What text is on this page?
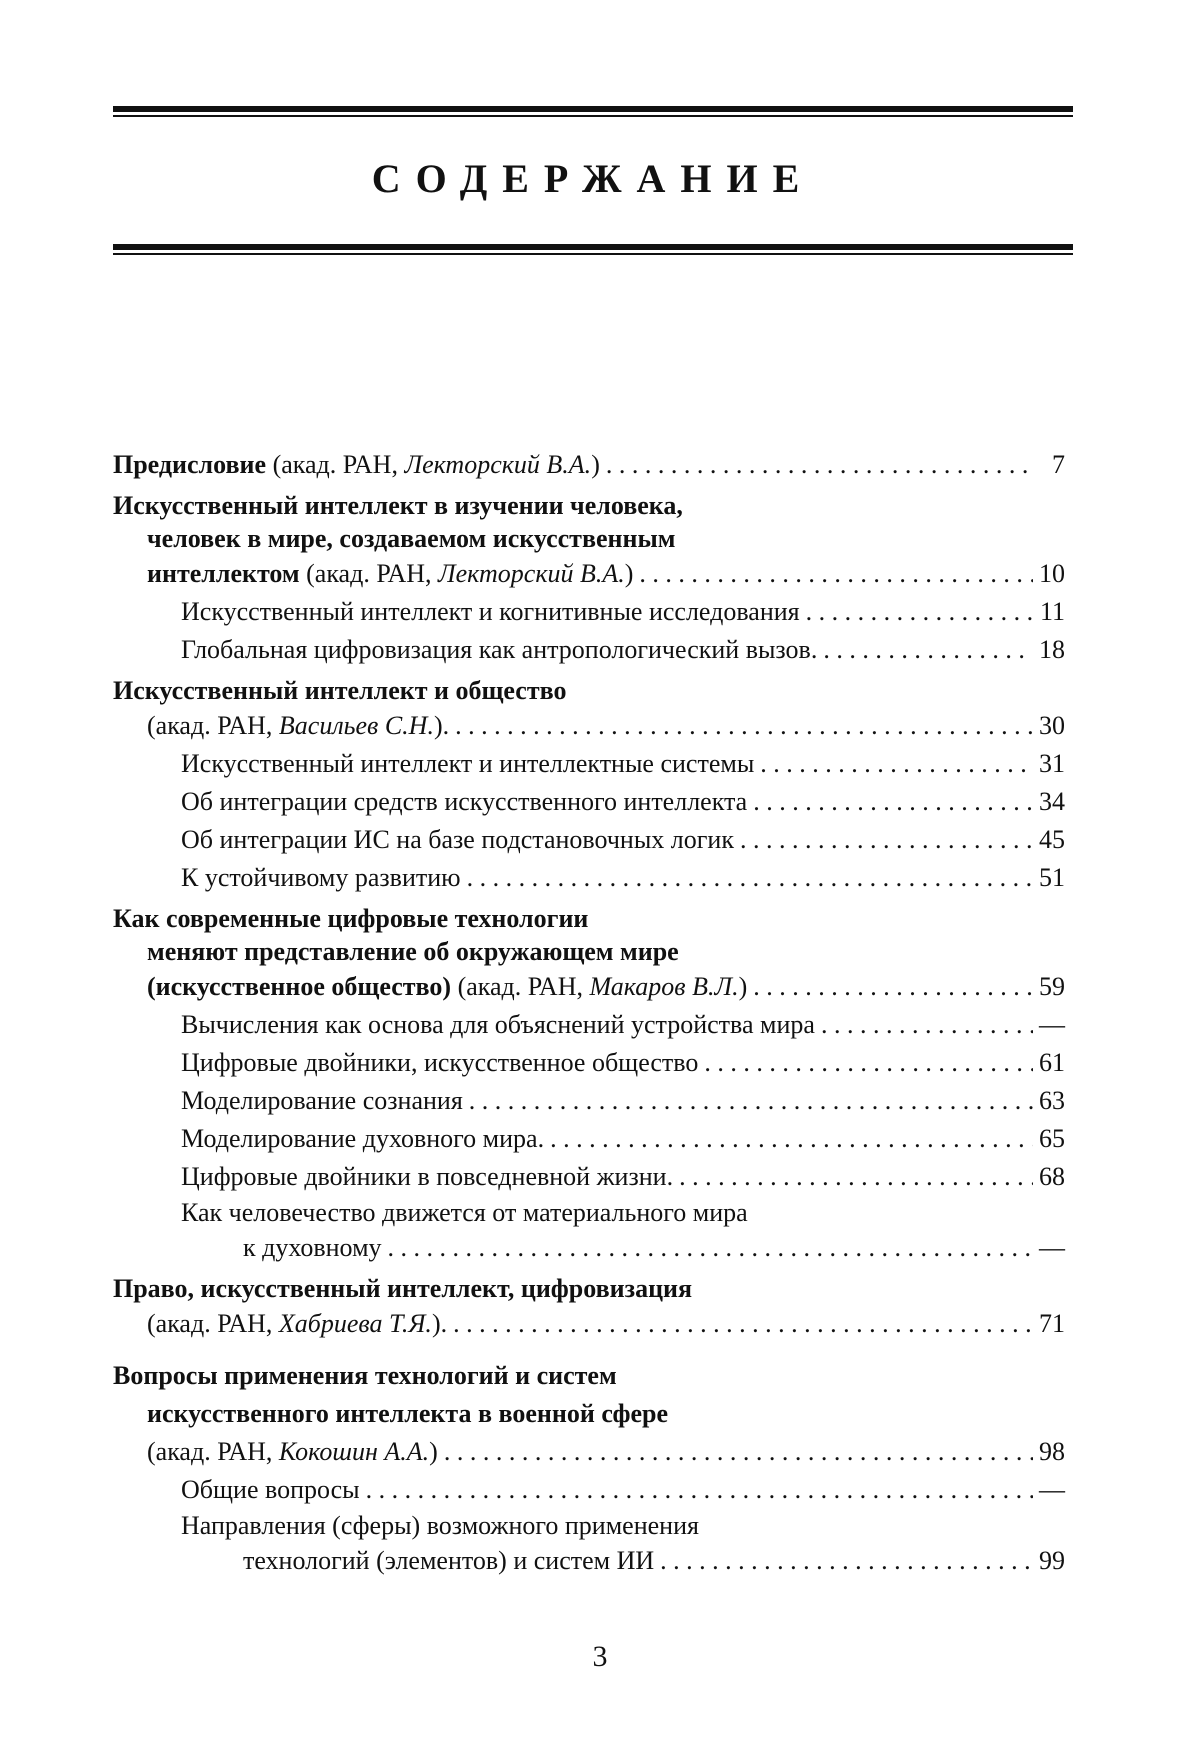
СОДЕРЖАНИЕ
Предисловие (акад. РАН, Лекторский В.А.) . . .	7
Искусственный интеллект в изучении человека,
человек в мире, создаваемом искусственным
интеллектом (акад. РАН, Лекторский В.А.) . . .	10
Искусственный интеллект и когнитивные исследования . . .	11
Глобальная цифровизация как антропологический вызов. . . .	18
Искусственный интеллект и общество
(акад. РАН, Васильев С.Н.). . . .	30
Искусственный интеллект и интеллектные системы . . .	31
Об интеграции средств искусственного интеллекта . . .	34
Об интеграции ИС на базе подстановочных логик . . .	45
К устойчивому развитию . . .	51
Как современные цифровые технологии
меняют представление об окружающем мире
(искусственное общество) (акад. РАН, Макаров В.Л.) . . .	59
Вычисления как основа для объяснений устройства мира . . .	—
Цифровые двойники, искусственное общество . . .	61
Моделирование сознания . . .	63
Моделирование духовного мира. . . .	65
Цифровые двойники в повседневной жизни. . . .	68
Как человечество движется от материального мира
к духовному . . .	—
Право, искусственный интеллект, цифровизация
(акад. РАН, Хабриева Т.Я.). . . .	71
Вопросы применения технологий и систем
искусственного интеллекта в военной сфере
(акад. РАН, Кокошин А.А.) . . .	98
Общие вопросы . . .	—
Направления (сферы) возможного применения
технологий (элементов) и систем ИИ . . .	99
3
